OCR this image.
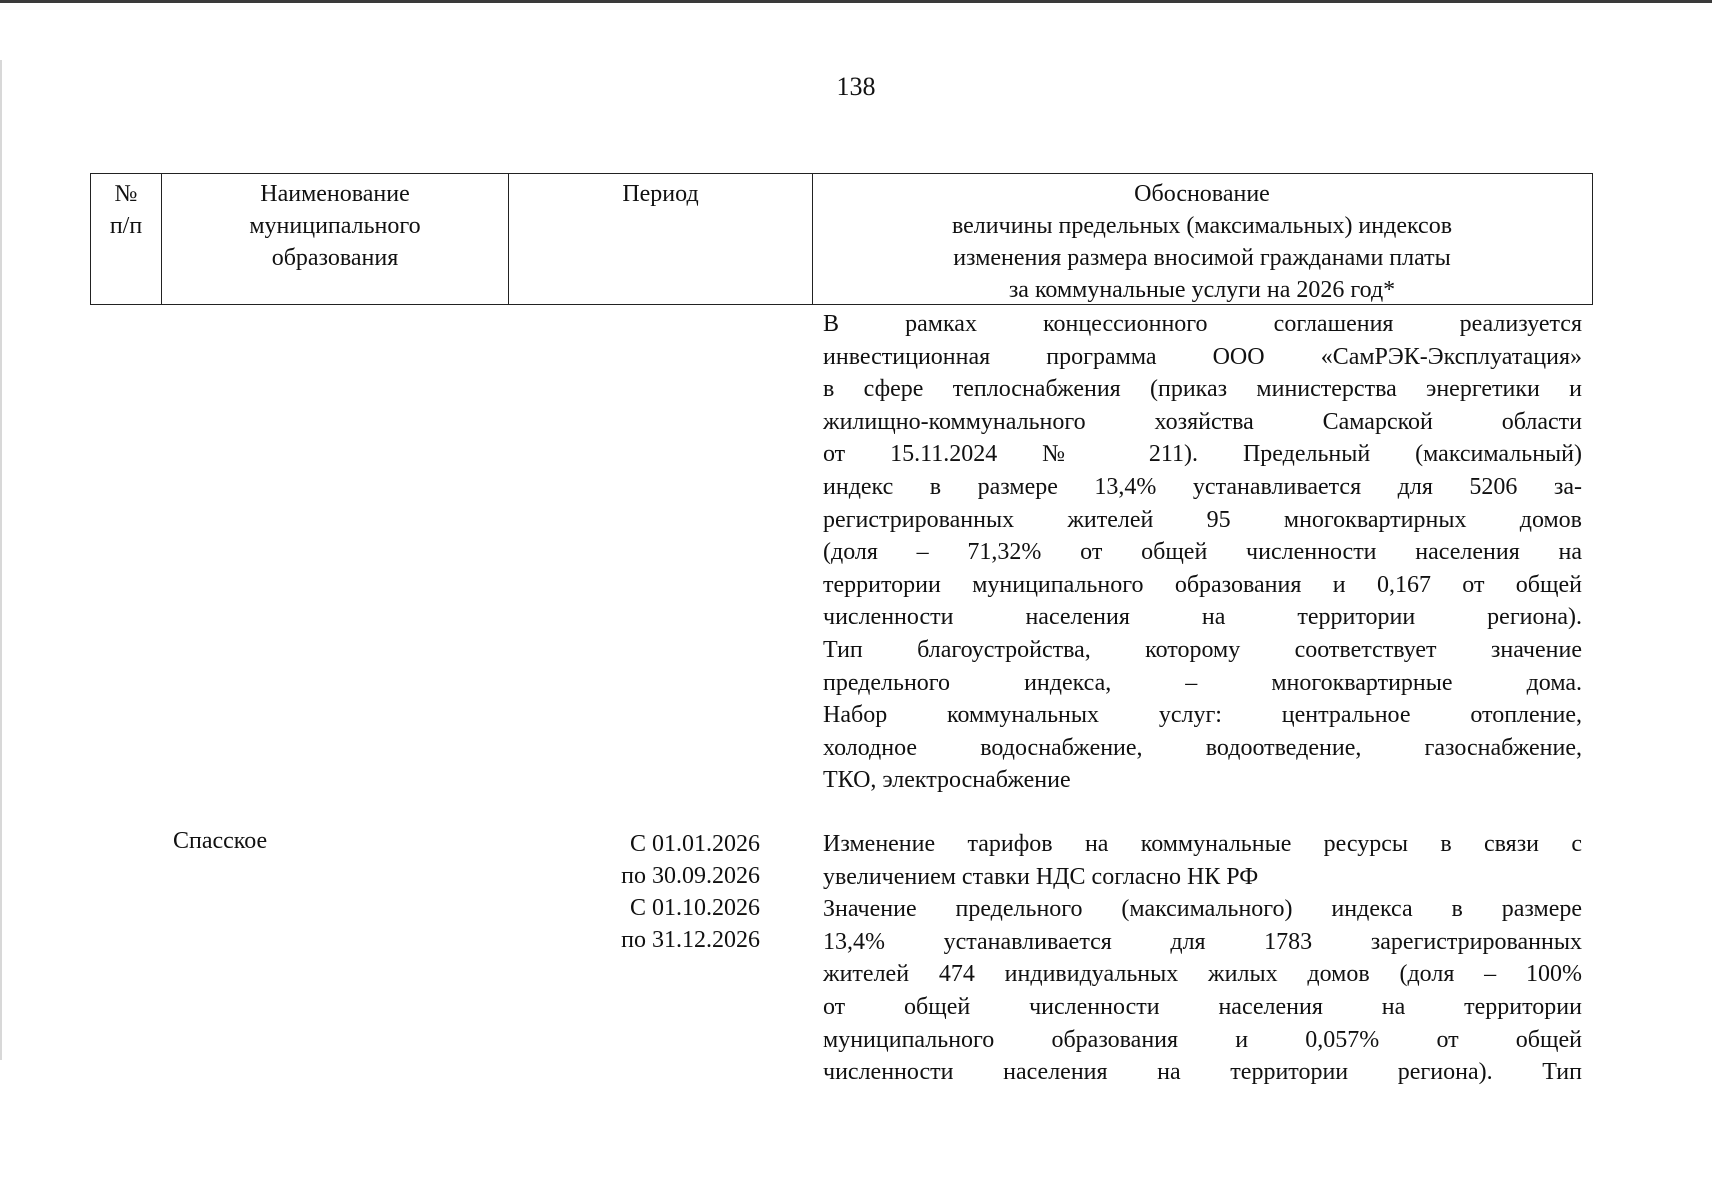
138
№
п/п
Наименование
муниципального
образования
Период	Обоснование
величины предельных (максимальных) индексов
изменения размера вносимой гражданами платы
за коммунальные услуги на 2026 год*
В рамках концессионного соглашения реализуется
инвестиционная программа ООО «СамРЭК-Эксплуатация»
в сфере теплоснабжения (приказ министерства энергетики и
жилищно-коммунального хозяйства Самарской области
от 15.11.2024 № 211). Предельный (максимальный)
индекс в размере 13,4% устанавливается для 5206 за-
регистрированных жителей 95 многоквартирных домов
(доля – 71,32% от общей численности населения на
территории муниципального образования и 0,167 от общей
численности населения на территории региона).
Тип благоустройства, которому соответствует значение
предельного индекса, – многоквартирные дома.
Набор коммунальных услуг: центральное отопление,
холодное водоснабжение, водоотведение, газоснабжение,
ТКО, электроснабжение
Спасское	С 01.01.2026
по 30.09.2026
С 01.10.2026
по 31.12.2026
Изменение тарифов на коммунальные ресурсы в связи с
увеличением ставки НДС согласно НК РФ
Значение предельного (максимального) индекса в размере
13,4% устанавливается для 1783 зарегистрированных
жителей 474 индивидуальных жилых домов (доля – 100%
от общей численности населения на территории
муниципального образования и 0,057% от общей
численности населения на территории региона). Тип
